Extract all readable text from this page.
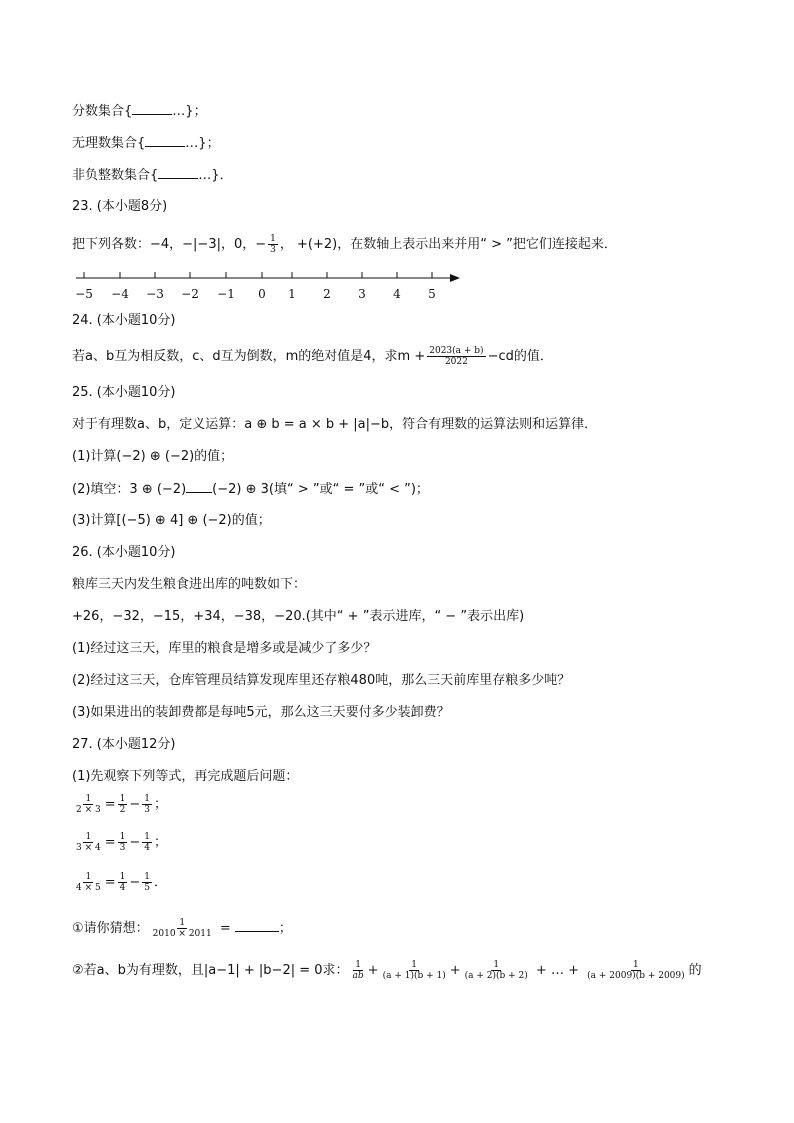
分数集合{	…}；
无理数集合{	…}；
非负整数集合{	…}．
23. (本小题8分)
把下列各数：−4，−|−3|，0，− $\frac{1}{3}$ ， +(+2)，在数轴上表示出来并用“ > ”把它们连接起来．
−5 −4 −3 −2 −1 0 1 2 3 4 5
24. (本小题10分)
若a、b互为相反数，c、d互为倒数，m的绝对值是4，求$m + \frac{2023(a + b)}{2022} -cd$的值．
25. (本小题10分)
对于有理数a、b，定义运算：a ⊕ b = a × b + |a|−b，符合有理数的运算法则和运算律．
(1)计算(−2) ⊕ (−2)的值；
(2)填空：3 ⊕ (−2) (−2) ⊕ 3(填“ > ”或“ = ”或“ < ”)；
(3)计算[(−5) ⊕ 4] ⊕ (−2)的值；
26. (本小题10分)
粮库三天内发生粮食进出库的吨数如下：
+26，−32，−15，+34，−38，−20.(其中“ + ”表示进库，“ − ”表示出库)
(1)经过这三天，库里的粮食是增多或是减少了多少？
(2)经过这三天，仓库管理员结算发现库里还存粮480吨，那么三天前库里存粮多少吨？
(3)如果进出的装卸费都是每吨5元，那么这三天要付多少装卸费？
27. (本小题12分)
(1)先观察下列等式，再完成题后问题：
$\frac{1}{2 \times 3} = \frac{1}{2} - \frac{1}{3}$ ；
$\frac{1}{3 \times 4} = \frac{1}{3} - \frac{1}{4}$ ；
$\frac{1}{4 \times 5} = \frac{1}{4} - \frac{1}{5}$ ．
①请你猜想： $\frac{1}{2010 \times 2011}$ =	；
②若a、b为有理数，且|a−1| + |b−2| = 0求： $\frac{1}{ab} + \frac{1}{(a + 1)(b + 1)} + \frac{1}{(a + 2)(b + 2)}$ + … + $\frac{1}{(a + 2009)(b + 2009)}$ 的
